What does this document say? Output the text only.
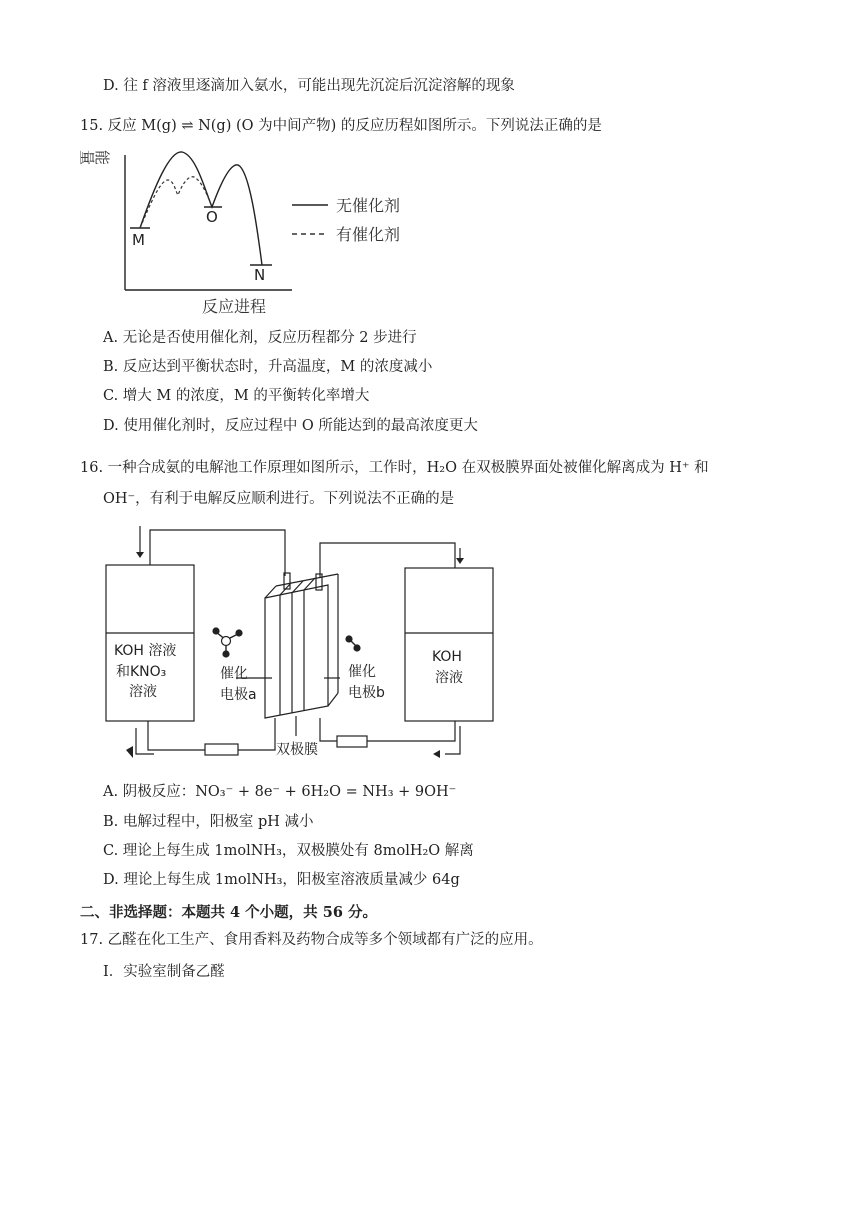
D. 往 f 溶液里逐滴加入氨水，可能出现先沉淀后沉淀溶解的现象
15. 反应 M(g) ⇌ N(g) (O 为中间产物) 的反应历程如图所示。下列说法正确的是
能量
M
O
N
反应进程
无催化剂
有催化剂
A. 无论是否使用催化剂，反应历程都分 2 步进行
B. 反应达到平衡状态时，升高温度，M 的浓度减小
C. 增大 M 的浓度，M 的平衡转化率增大
D. 使用催化剂时，反应过程中 O 所能达到的最高浓度更大
16. 一种合成氨的电解池工作原理如图所示，工作时，H₂O 在双极膜界面处被催化解离成为 H⁺ 和
OH⁻，有利于电解反应顺利进行。下列说法不正确的是
KOH 溶液
和KNO₃
溶液
KOH
溶液
催化
电极a
催化
电极b
双极膜
A. 阴极反应：NO₃⁻ + 8e⁻ + 6H₂O = NH₃ + 9OH⁻
B. 电解过程中，阳极室 pH 减小
C. 理论上每生成 1molNH₃，双极膜处有 8molH₂O 解离
D. 理论上每生成 1molNH₃，阳极室溶液质量减少 64g
二、非选择题：本题共 4 个小题，共 56 分。
17. 乙醛在化工生产、食用香料及药物合成等多个领域都有广泛的应用。
Ⅰ．实验室制备乙醛
